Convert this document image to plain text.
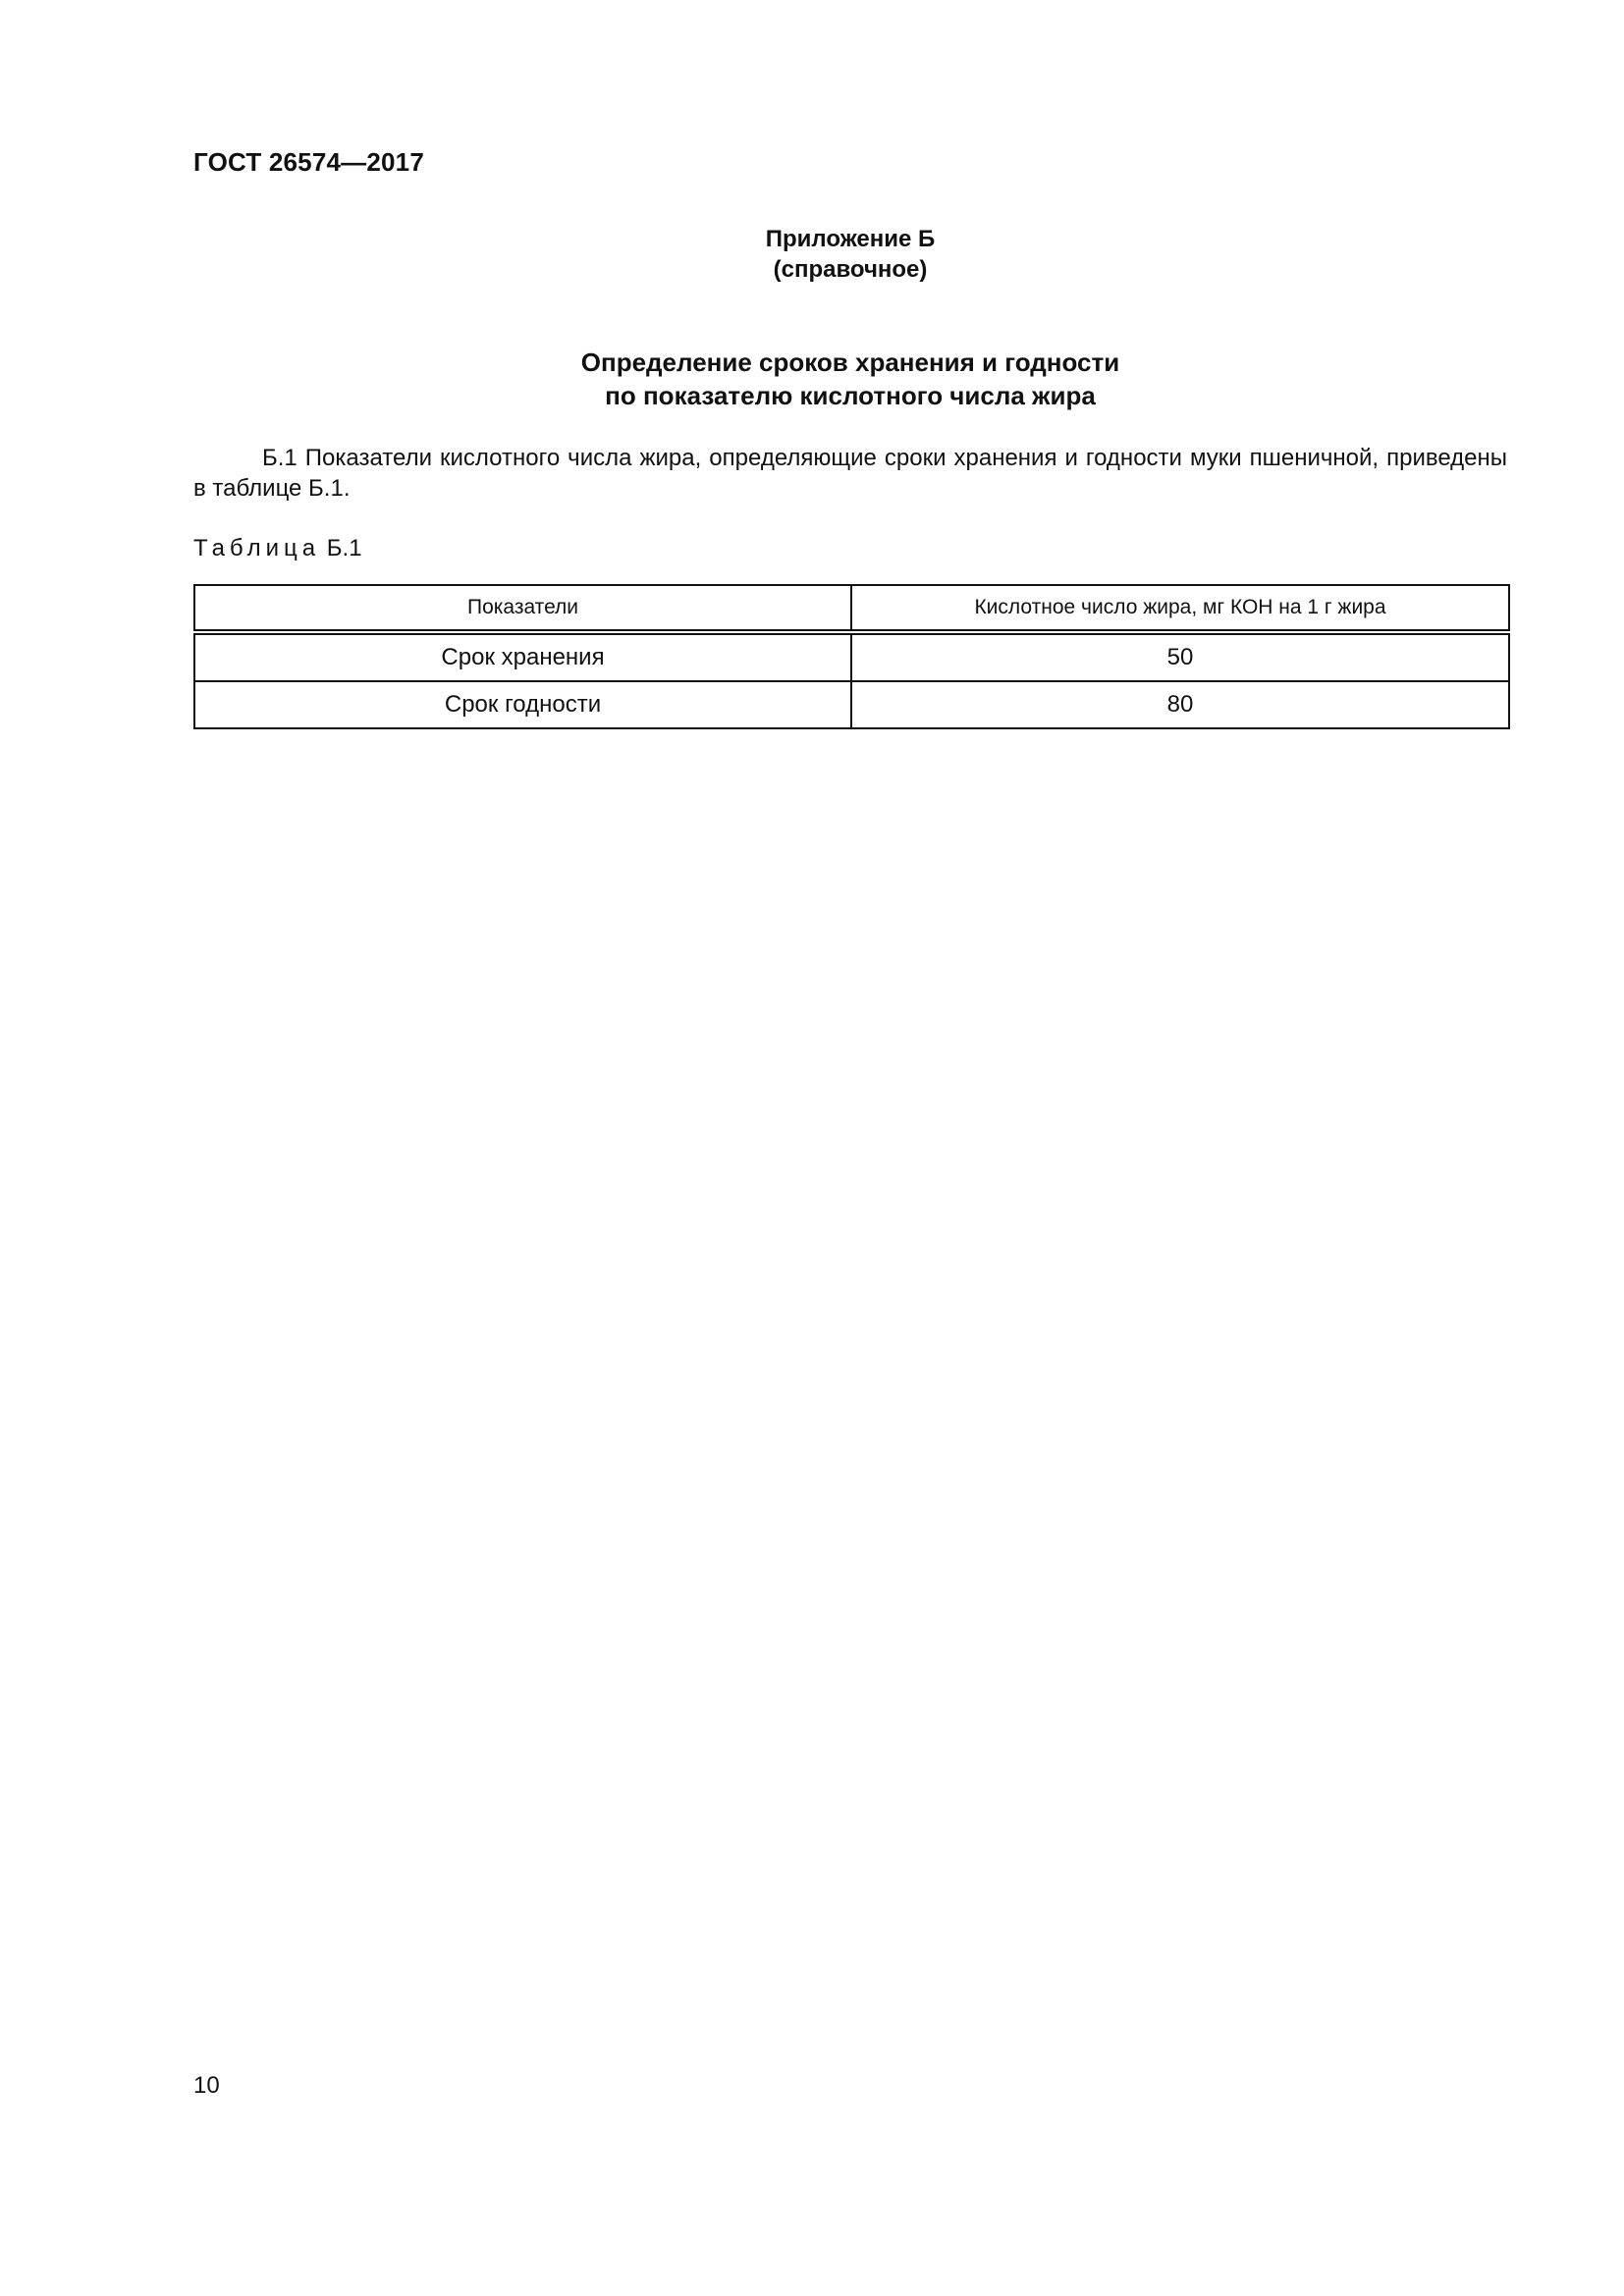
ГОСТ 26574—2017
Приложение Б
(справочное)
Определение сроков хранения и годности
по показателю кислотного числа жира
Б.1 Показатели кислотного числа жира, определяющие сроки хранения и годности муки пшеничной, приведены в таблице Б.1.
Таблица Б.1
Показатели	Кислотное число жира, мг КОН на 1 г жира
Срок хранения	50
Срок годности	80
10
